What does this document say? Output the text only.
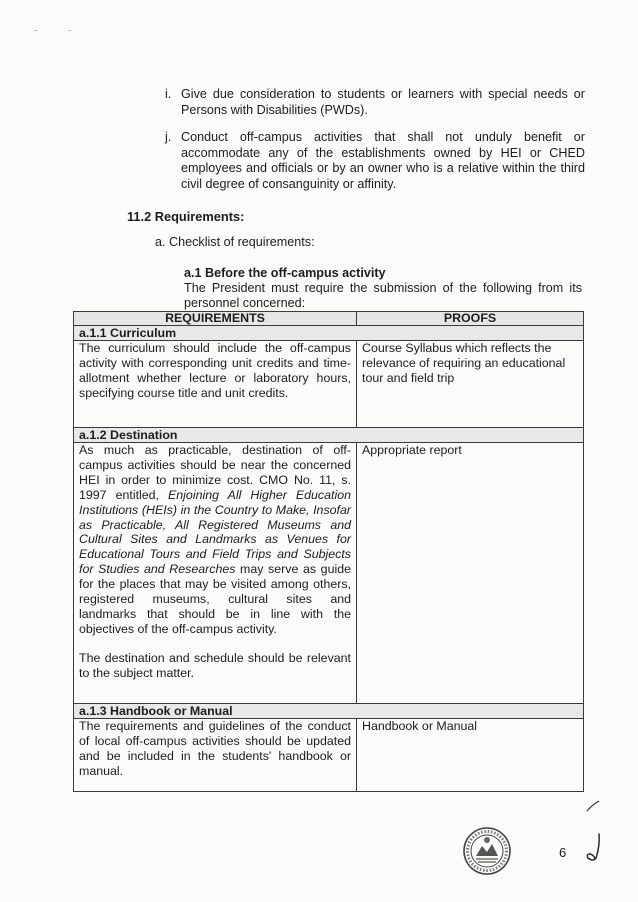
i. Give due consideration to students or learners with special needs or Persons with Disabilities (PWDs).
j. Conduct off-campus activities that shall not unduly benefit or accommodate any of the establishments owned by HEI or CHED employees and officials or by an owner who is a relative within the third civil degree of consanguinity or affinity.
11.2 Requirements:
a. Checklist of requirements:
a.1 Before the off-campus activity
The President must require the submission of the following from its personnel concerned:
REQUIREMENTS	PROOFS
a.1.1 Curriculum	

The curriculum should include the off-campus activity with corresponding unit credits and time-allotment whether lecture or laboratory hours, specifying course title and unit credits.	Course Syllabus which reflects the relevance of requiring an educational tour and field trip
a.1.2 Destination	

As much as practicable, destination of off-campus activities should be near the concerned HEI in order to minimize cost. CMO No. 11, s. 1997 entitled, Enjoining All Higher Education Institutions (HEIs) in the Country to Make, Insofar as Practicable, All Registered Museums and Cultural Sites and Landmarks as Venues for Educational Tours and Field Trips and Subjects for Studies and Researches may serve as guide for the places that may be visited among others, registered museums, cultural sites and landmarks that should be in line with the objectives of the off-campus activity.

The destination and schedule should be relevant to the subject matter.	Appropriate report
a.1.3 Handbook or Manual	

The requirements and guidelines of the conduct of local off-campus activities should be updated and be included in the students' handbook or manual.	Handbook or Manual
6
